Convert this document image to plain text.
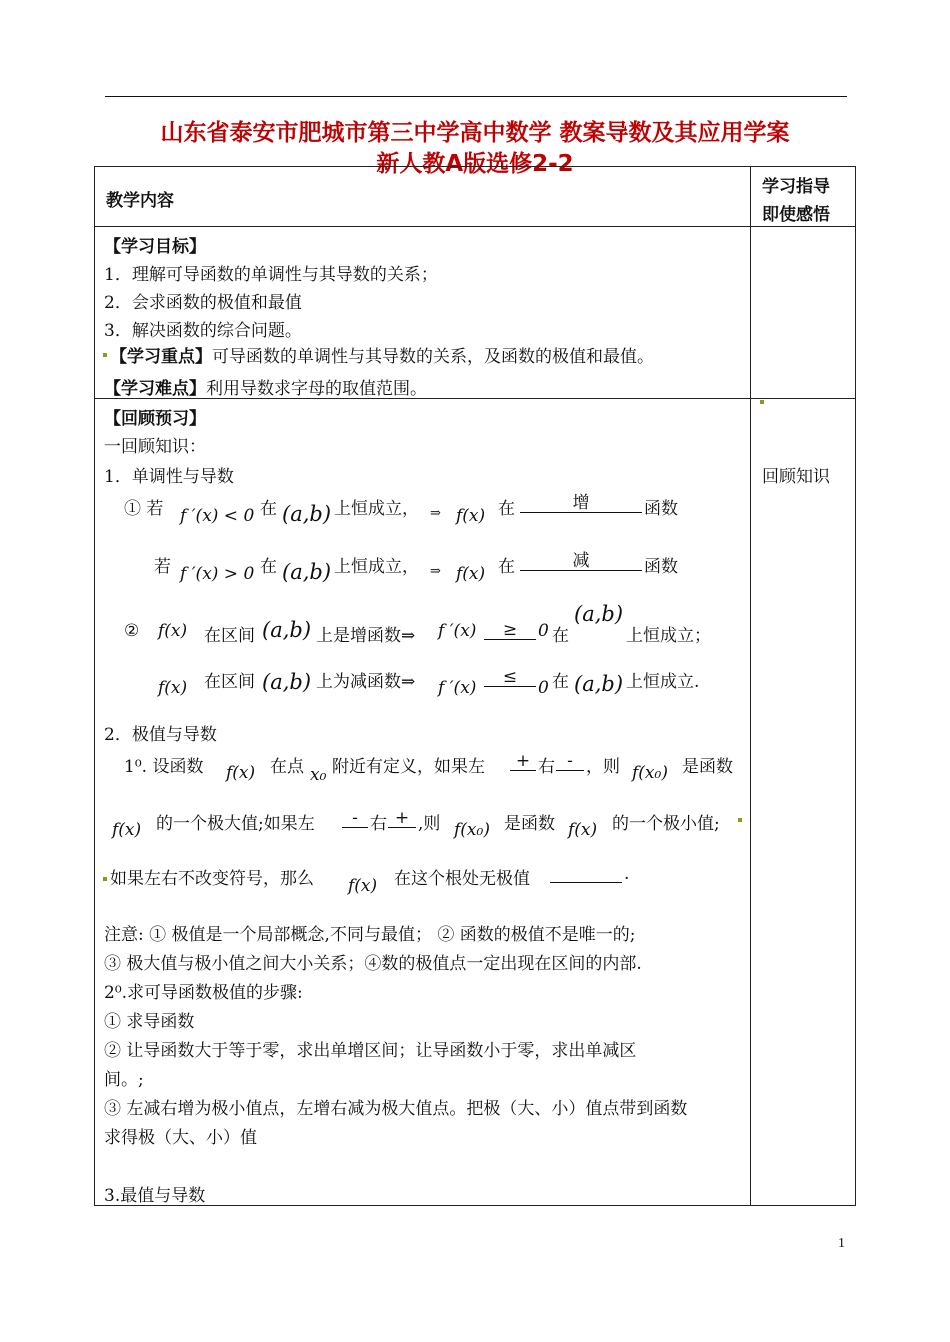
山东省泰安市肥城市第三中学高中数学 教案导数及其应用学案
新人教A版选修2-2
教学内容
学习指导
即使感悟
【学习目标】
1．理解可导函数的单调性与其导数的关系；
2．会求函数的极值和最值
3．解决函数的综合问题。
【学习重点】可导函数的单调性与其导数的关系，及函数的极值和最值。
【学习难点】利用导数求字母的取值范围。
【回顾预习】
一回顾知识：
回顾知识
1．单调性与导数
① 若 f ′(x) < 0 在 (a,b) 上恒成立， ⇒ f(x) 在	增	函数
若 f ′(x) > 0 在 (a,b) 上恒成立， ⇒ f(x) 在	减	函数
② f(x) 在区间 (a,b) 上是增函数⇒ f ′(x)	≥	0 在
(a,b)
上恒成立；
f(x) 在区间 (a,b) 上为减函数⇒ f ′(x)
≤
0 在 (a,b) 上恒成立.
2．极值与导数
1⁰. 设函数 f(x) 在点 x₀ 附近有定义，如果左	+ 右 - ，则 f(x₀) 是函数
f(x) 的一个极大值;如果左	- 右 + ,则 f(x₀) 是函数 f(x) 的一个极小值;
如果左右不改变符号，那么 f(x) 在这个根处无极值	.
注意: ① 极值是一个局部概念,不同与最值； ② 函数的极值不是唯一的;
③ 极大值与极小值之间大小关系；④数的极值点一定出现在区间的内部.
2⁰.求可导函数极值的步骤:
① 求导函数
② 让导函数大于等于零，求出单增区间；让导函数小于零，求出单减区
间。;
③ 左减右增为极小值点，左增右减为极大值点。把极（大、小）值点带到函数
求得极（大、小）值
3.最值与导数
1
